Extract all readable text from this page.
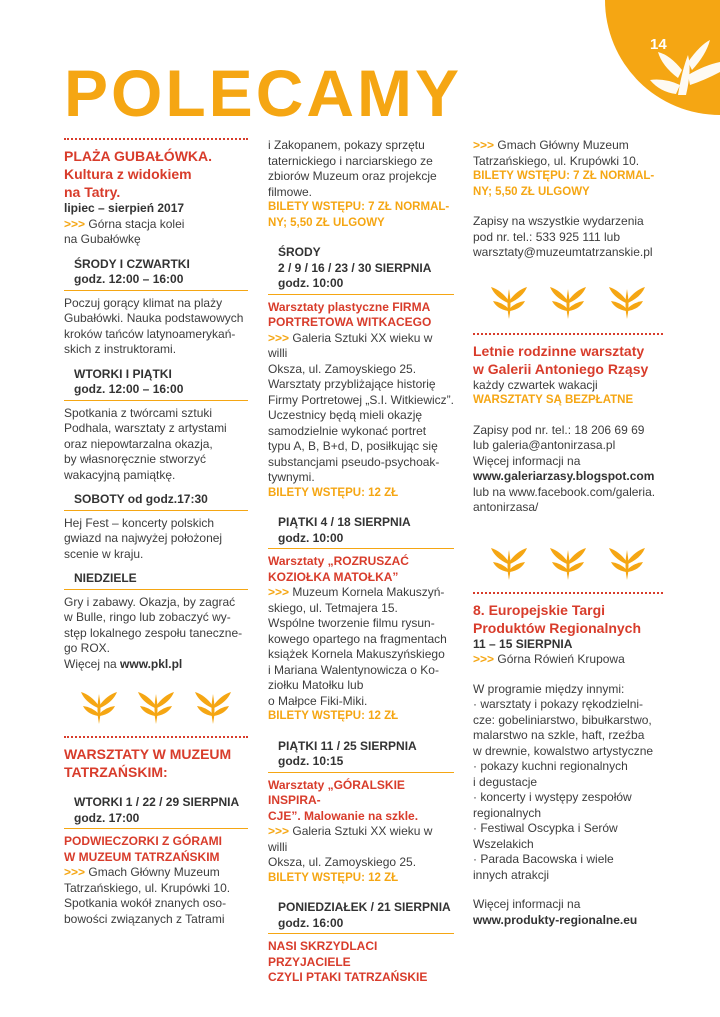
14
POLECAMY
PLAŻA GUBAŁÓWKA.
Kultura z widokiem
na Tatry.
lipiec – sierpień 2017
>>> Górna stacja kolei
na Gubałówkę
ŚRODY I CZWARTKI
godz. 12:00 – 16:00
Poczuj gorący klimat na plaży
Gubałówki. Nauka podstawowych
kroków tańców latynoamerykań-
skich z instruktorami.
WTORKI I PIĄTKI
godz. 12:00 – 16:00
Spotkania z twórcami sztuki
Podhala, warsztaty z artystami
oraz niepowtarzalna okazja,
by własnoręcznie stworzyć
wakacyjną pamiątkę.
SOBOTY od godz.17:30
Hej Fest – koncerty polskich
gwiazd na najwyżej położonej
scenie w kraju.
NIEDZIELE
Gry i zabawy. Okazja, by zagrać
w Bulle, ringo lub zobaczyć wy-
stęp lokalnego zespołu taneczne-
go ROX.
Więcej na www.pkl.pl
WARSZTATY W MUZEUM
TATRZAŃSKIM:
WTORKI 1 / 22 / 29 SIERPNIA
godz. 17:00
PODWIECZORKI Z GÓRAMI
W MUZEUM TATRZAŃSKIM
>>> Gmach Główny Muzeum
Tatrzańskiego, ul. Krupówki 10.
Spotkania wokół znanych oso-
bowości związanych z Tatrami
i Zakopanem, pokazy sprzętu
taternickiego i narciarskiego ze
zbiorów Muzeum oraz projekcje
filmowe.
BILETY WSTĘPU: 7 ZŁ NORMAL-
NY; 5,50 ZŁ ULGOWY
ŚRODY
2 / 9 / 16 / 23 / 30 SIERPNIA
godz. 10:00
Warsztaty plastyczne FIRMA
PORTRETOWA WITKACEGO
>>> Galeria Sztuki XX wieku w willi
Oksza, ul. Zamoyskiego 25.
Warsztaty przybliżające historię
Firmy Portretowej „S.I. Witkiewicz”.
Uczestnicy będą mieli okazję
samodzielnie wykonać portret
typu A, B, B+d, D, posiłkując się
substancjami pseudo-psychoak-
tywnymi.
BILETY WSTĘPU: 12 ZŁ
PIĄTKI 4 / 18 SIERPNIA
godz. 10:00
Warsztaty „ROZRUSZAĆ
KOZIOŁKA MATOŁKA”
>>> Muzeum Kornela Makuszyń-
skiego, ul. Tetmajera 15.
Wspólne tworzenie filmu rysun-
kowego opartego na fragmentach
książek Kornela Makuszyńskiego
i Mariana Walentynowicza o Ko-
ziołku Matołku lub
o Małpce Fiki-Miki.
BILETY WSTĘPU: 12 ZŁ
PIĄTKI 11 / 25 SIERPNIA
godz. 10:15
Warsztaty „GÓRALSKIE INSPIRA-
CJE”. Malowanie na szkle.
>>> Galeria Sztuki XX wieku w willi
Oksza, ul. Zamoyskiego 25.
BILETY WSTĘPU: 12 ZŁ
PONIEDZIAŁEK / 21 SIERPNIA
godz. 16:00
NASI SKRZYDLACI PRZYJACIELE
CZYLI PTAKI TATRZAŃSKIE
>>> Gmach Główny Muzeum
Tatrzańskiego, ul. Krupówki 10.
BILETY WSTĘPU: 7 ZŁ NORMAL-
NY; 5,50 ZŁ ULGOWY
Zapisy na wszystkie wydarzenia
pod nr. tel.: 533 925 111 lub
warsztaty@muzeumtatrzanskie.pl
Letnie rodzinne warsztaty
w Galerii Antoniego Rząsy
każdy czwartek wakacji
WARSZTATY SĄ BEZPŁATNE
Zapisy pod nr. tel.: 18 206 69 69
lub galeria@antonirzasa.pl
Więcej informacji na
www.galeriarzasy.blogspot.com
lub na www.facebook.com/galeria.
antonirzasa/
8. Europejskie Targi
Produktów Regionalnych
11 – 15 SIERPNIA
>>> Górna Rówień Krupowa
W programie między innymi:
· warsztaty i pokazy rękodzielni-
cze: gobeliniarstwo, bibułkarstwo,
malarstwo na szkle, haft, rzeźba
w drewnie, kowalstwo artystyczne
· pokazy kuchni regionalnych
i degustacje
· koncerty i występy zespołów
regionalnych
· Festiwal Oscypka i Serów
Wszelakich
· Parada Bacowska i wiele
innych atrakcji
Więcej informacji na
www.produkty-regionalne.eu
